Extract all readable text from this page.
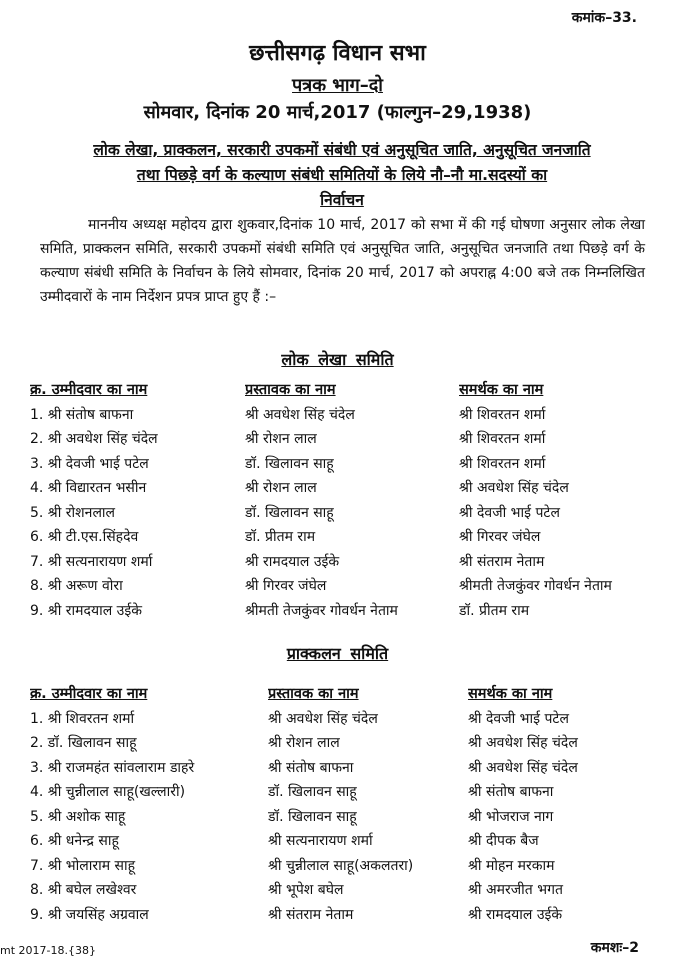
कमांक–33.
छत्तीसगढ़ विधान सभा
पत्रक भाग–दो
सोमवार, दिनांक 20 मार्च,2017 (फाल्गुन–29,1938)
लोक लेखा, प्राक्कलन, सरकारी उपकमों संबंधी एवं अनुसूचित जाति, अनुसूचित जनजाति
तथा पिछड़े वर्ग के कल्याण संबंधी समितियों के लिये नौ–नौ मा.सदस्यों का
निर्वाचन
माननीय अध्यक्ष महोदय द्वारा शुकवार,दिनांक 10 मार्च, 2017 को सभा में की गई घोषणा अनुसार लोक लेखा समिति, प्राक्कलन समिति, सरकारी उपकमों संबंधी समिति एवं अनुसूचित जाति, अनुसूचित जनजाति तथा पिछड़े वर्ग के कल्याण संबंधी समिति के निर्वाचन के लिये सोमवार, दिनांक 20 मार्च, 2017 को अपराह्न 4:00 बजे तक निम्नलिखित उम्मीदवारों के नाम निर्देशन प्रपत्र प्राप्त हुए हैं :–
लोक लेखा समिति
क्र. उम्मीदवार का नाम	प्रस्तावक का नाम	समर्थक का नाम
1. श्री संतोष बाफना	श्री अवधेश सिंह चंदेल	श्री शिवरतन शर्मा
2. श्री अवधेश सिंह चंदेल	श्री रोशन लाल	श्री शिवरतन शर्मा
3. श्री देवजी भाई पटेल	डॉ. खिलावन साहू	श्री शिवरतन शर्मा
4. श्री विद्यारतन भसीन	श्री रोशन लाल	श्री अवधेश सिंह चंदेल
5. श्री रोशनलाल	डॉ. खिलावन साहू	श्री देवजी भाई पटेल
6. श्री टी.एस.सिंहदेव	डॉ. प्रीतम राम	श्री गिरवर जंघेल
7. श्री सत्यनारायण शर्मा	श्री रामदयाल उईके	श्री संतराम नेताम
8. श्री अरूण वोरा	श्री गिरवर जंघेल	श्रीमती तेजकुंवर गोवर्धन नेताम
9. श्री रामदयाल उईके	श्रीमती तेजकुंवर गोवर्धन नेताम	डॉ. प्रीतम राम
प्राक्कलन समिति
क्र. उम्मीदवार का नाम	प्रस्तावक का नाम	समर्थक का नाम
1. श्री शिवरतन शर्मा	श्री अवधेश सिंह चंदेल	श्री देवजी भाई पटेल
2. डॉ. खिलावन साहू	श्री रोशन लाल	श्री अवधेश सिंह चंदेल
3. श्री राजमहंत सांवलाराम डाहरे	श्री संतोष बाफना	श्री अवधेश सिंह चंदेल
4. श्री चुन्नीलाल साहू(खल्लारी)	डॉ. खिलावन साहू	श्री संतोष बाफना
5. श्री अशोक साहू	डॉ. खिलावन साहू	श्री भोजराज नाग
6. श्री धनेन्द्र साहू	श्री सत्यनारायण शर्मा	श्री दीपक बैज
7. श्री भोलाराम साहू	श्री चुन्नीलाल साहू(अकलतरा)	श्री मोहन मरकाम
8. श्री बघेल लखेश्वर	श्री भूपेश बघेल	श्री अमरजीत भगत
9. श्री जयसिंह अग्रवाल	श्री संतराम नेताम	श्री रामदयाल उईके
mt 2017-18.{38}	कमशः–2
